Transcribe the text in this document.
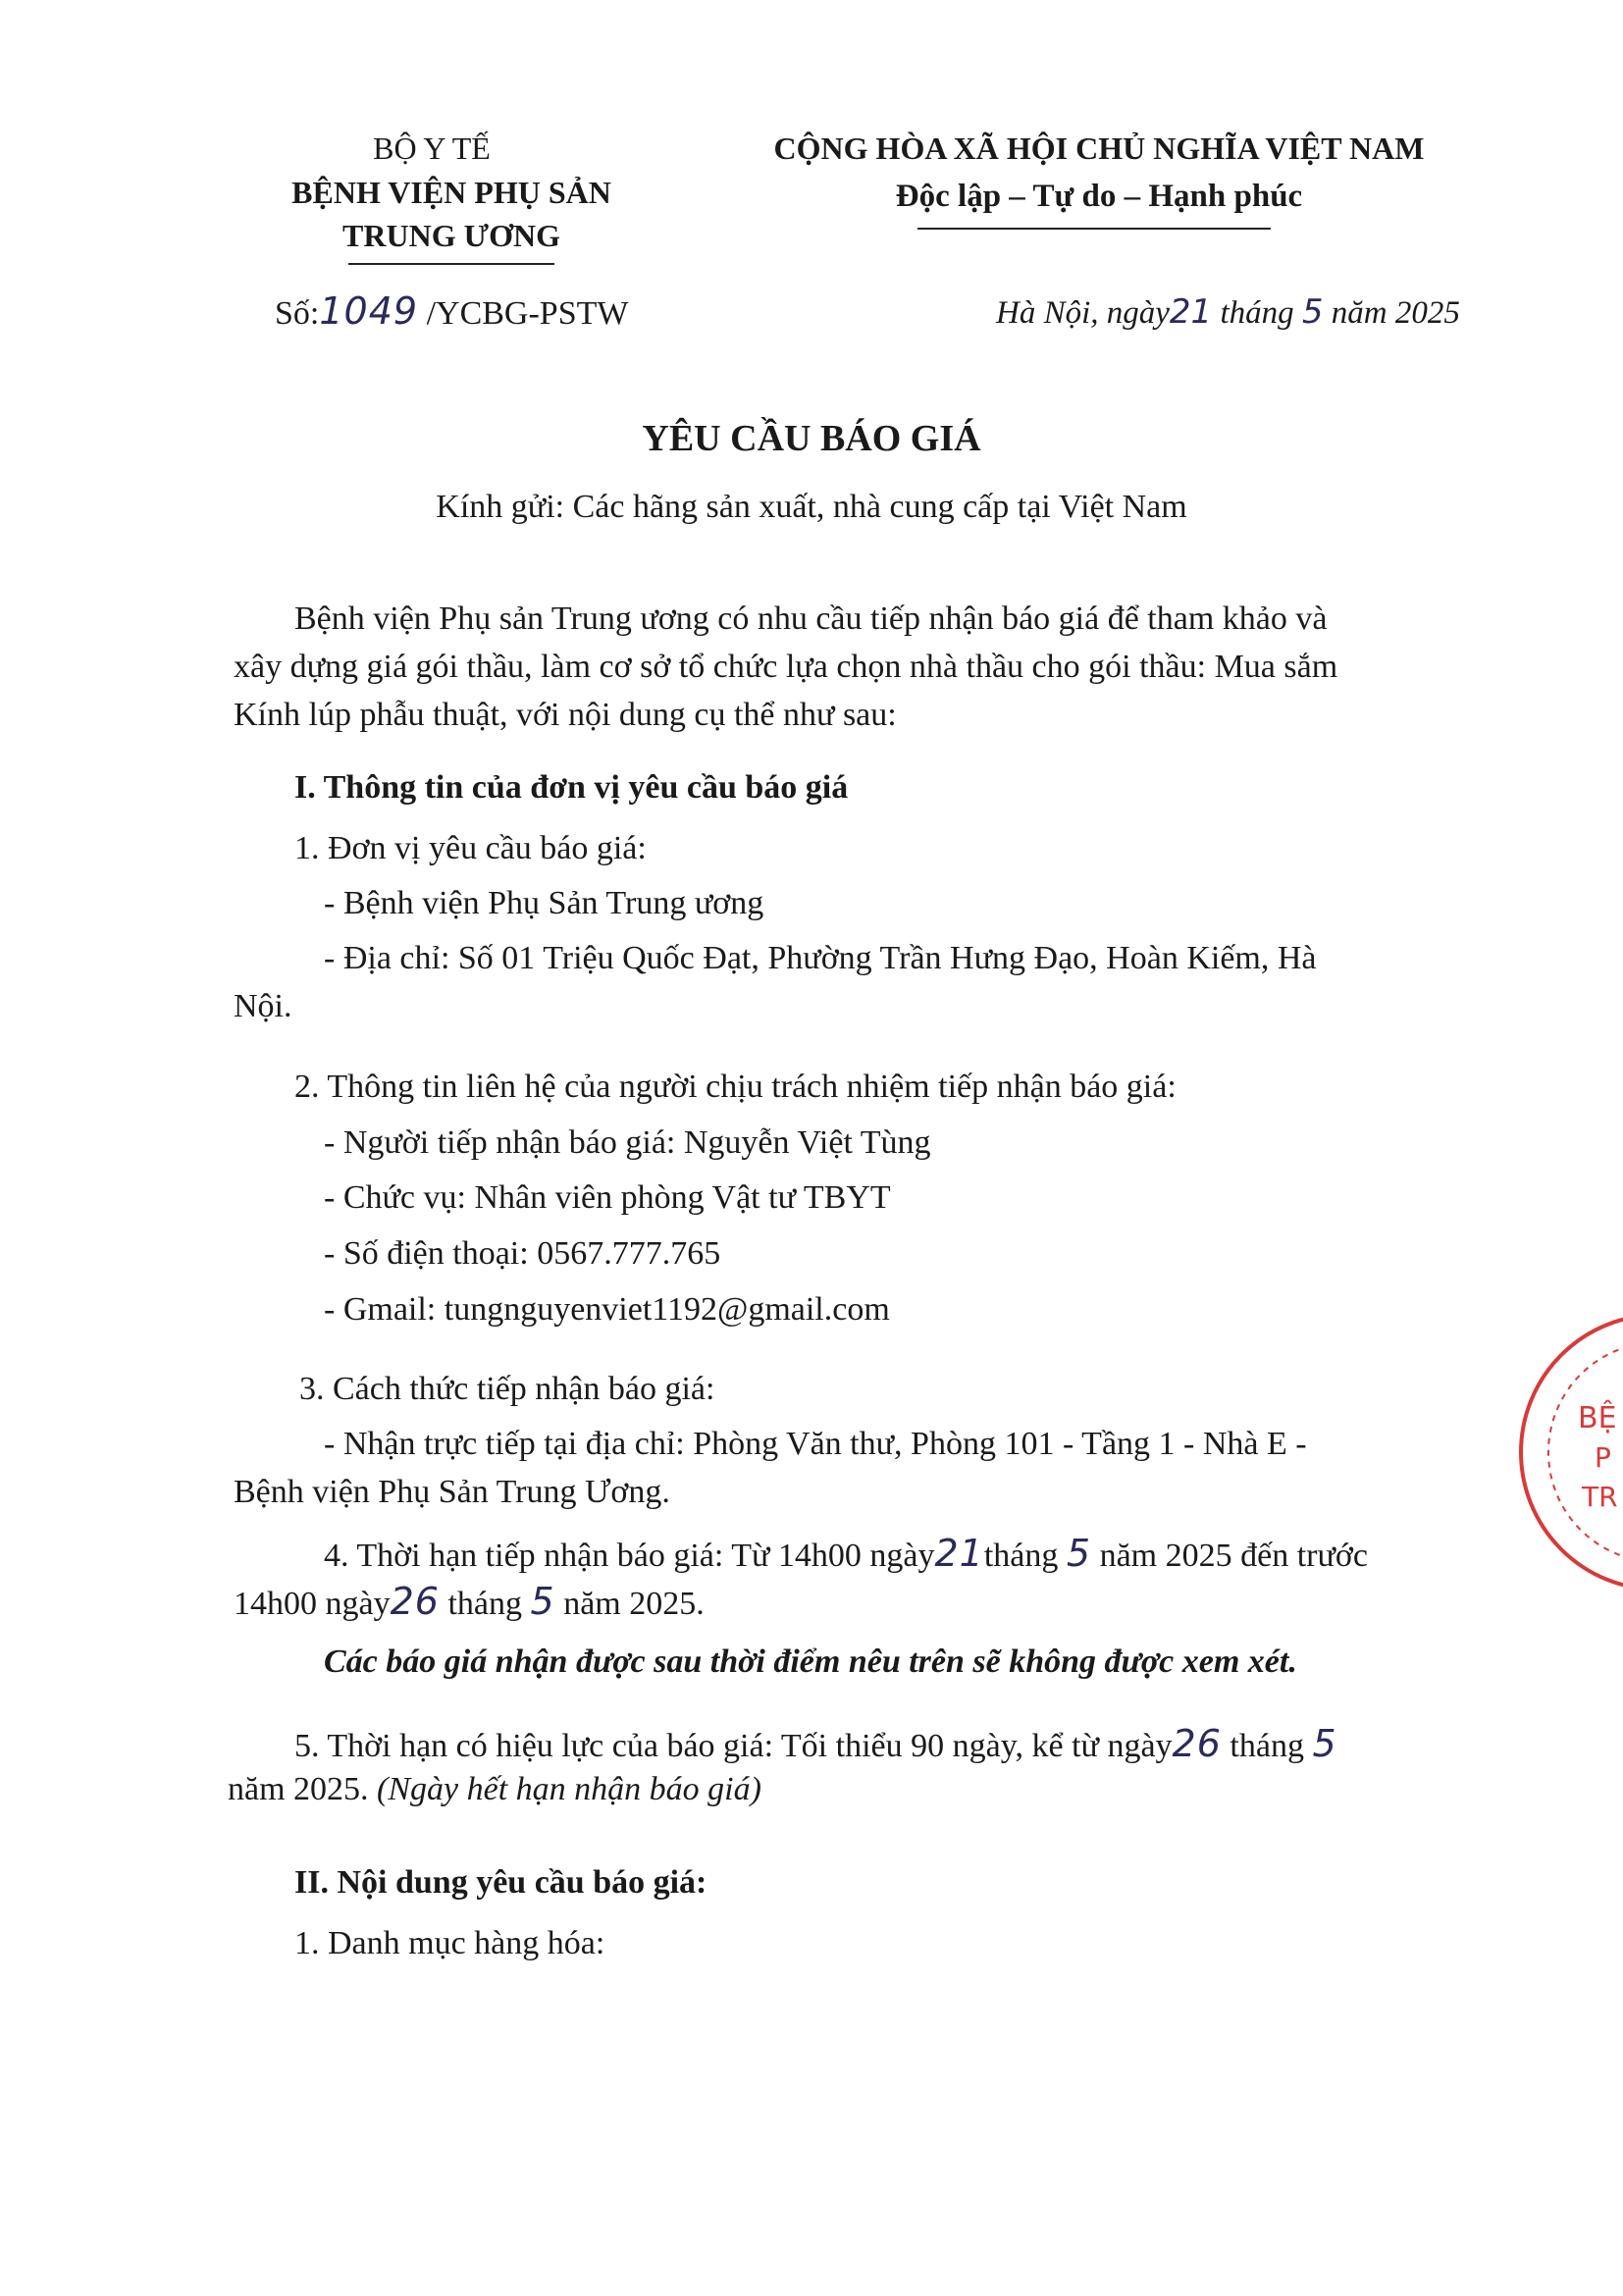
BỘ Y TẾ
BỆNH VIỆN PHỤ SẢN
TRUNG ƯƠNG
Số:1049 /YCBG-PSTW
CỘNG HÒA XÃ HỘI CHỦ NGHĨA VIỆT NAM
Độc lập – Tự do – Hạnh phúc
Hà Nội, ngày21 tháng 5 năm 2025
YÊU CẦU BÁO GIÁ
Kính gửi: Các hãng sản xuất, nhà cung cấp tại Việt Nam
Bệnh viện Phụ sản Trung ương có nhu cầu tiếp nhận báo giá để tham khảo và
xây dựng giá gói thầu, làm cơ sở tổ chức lựa chọn nhà thầu cho gói thầu: Mua sắm
Kính lúp phẫu thuật, với nội dung cụ thể như sau:
I. Thông tin của đơn vị yêu cầu báo giá
1. Đơn vị yêu cầu báo giá:
- Bệnh viện Phụ Sản Trung ương
- Địa chỉ: Số 01 Triệu Quốc Đạt, Phường Trần Hưng Đạo, Hoàn Kiếm, Hà
Nội.
2. Thông tin liên hệ của người chịu trách nhiệm tiếp nhận báo giá:
- Người tiếp nhận báo giá: Nguyễn Việt Tùng
- Chức vụ: Nhân viên phòng Vật tư TBYT
- Số điện thoại: 0567.777.765
- Gmail: tungnguyenviet1192@gmail.com
3. Cách thức tiếp nhận báo giá:
- Nhận trực tiếp tại địa chỉ: Phòng Văn thư, Phòng 101 - Tầng 1 - Nhà E -
Bệnh viện Phụ Sản Trung Ương.
4. Thời hạn tiếp nhận báo giá: Từ 14h00 ngày21tháng 5 năm 2025 đến trước
14h00 ngày26 tháng 5 năm 2025.
Các báo giá nhận được sau thời điểm nêu trên sẽ không được xem xét.
5. Thời hạn có hiệu lực của báo giá: Tối thiểu 90 ngày, kể từ ngày26 tháng 5
năm 2025. (Ngày hết hạn nhận báo giá)
II. Nội dung yêu cầu báo giá:
1. Danh mục hàng hóa:
BỆ
P
TR
